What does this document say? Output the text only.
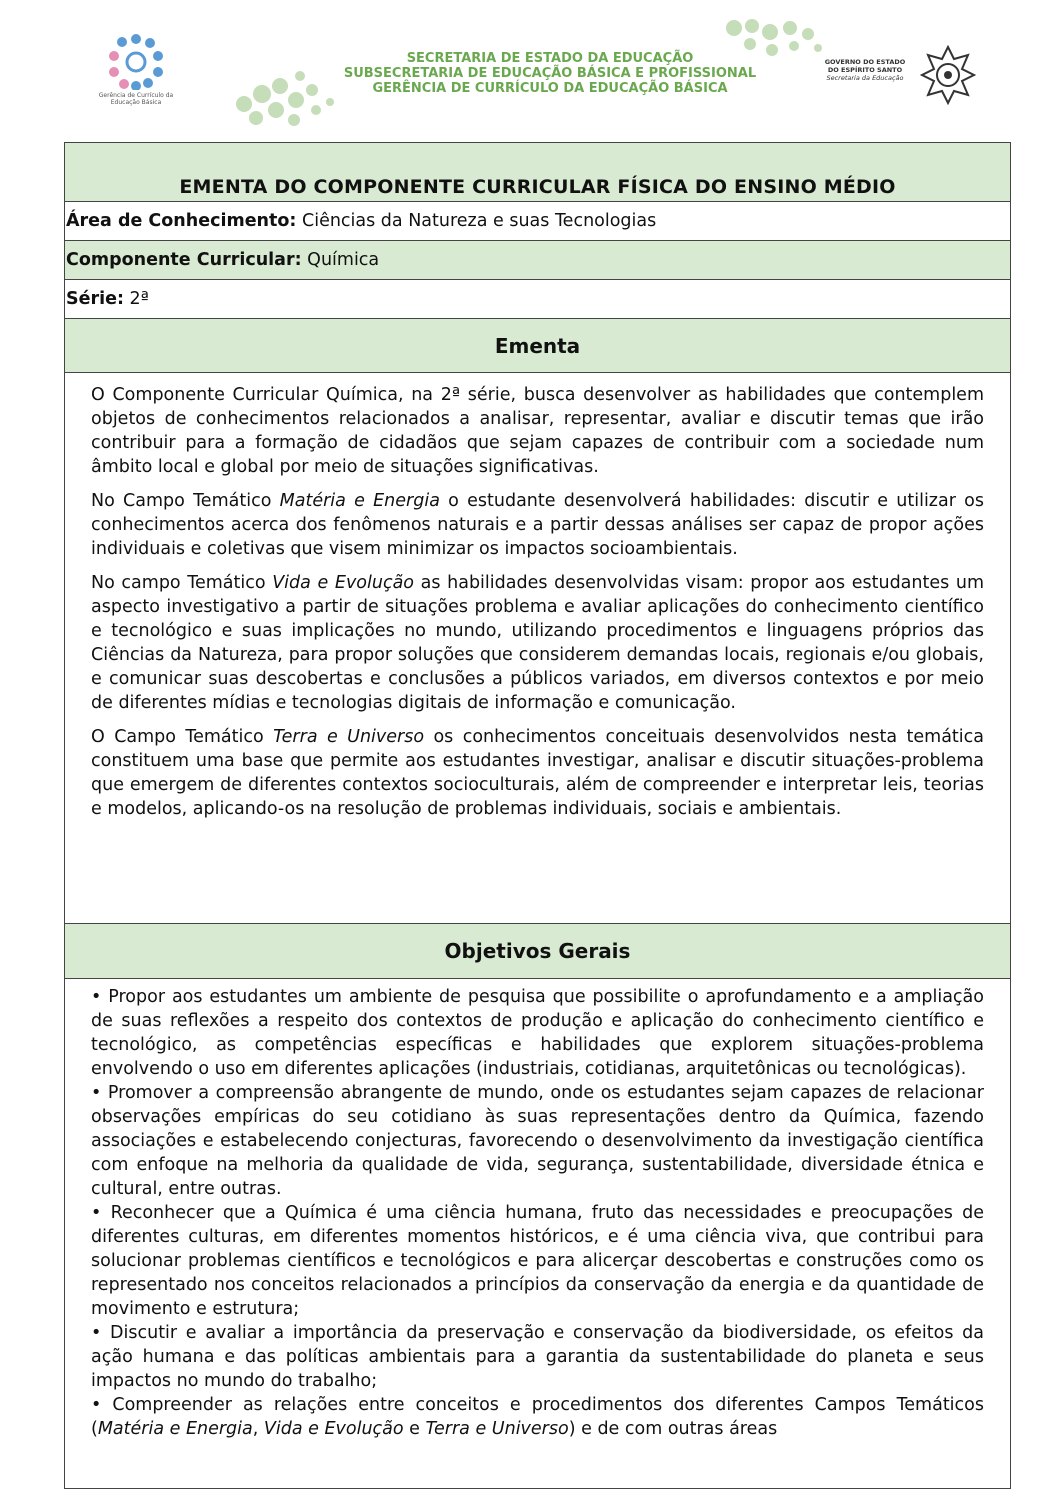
Gerência de Currículo da Educação Básica
SECRETARIA DE ESTADO DA EDUCAÇÃO
SUBSECRETARIA DE EDUCAÇÃO BÁSICA E PROFISSIONAL
GERÊNCIA DE CURRÍCULO DA EDUCAÇÃO BÁSICA
GOVERNO DO ESTADO
DO ESPÍRITO SANTO
Secretaria da Educação
EMENTA DO COMPONENTE CURRICULAR FÍSICA DO ENSINO MÉDIO
Área de Conhecimento: Ciências da Natureza e suas Tecnologias
Componente Curricular: Química
Série: 2ª
Ementa

O Componente Curricular Química, na 2ª série, busca desenvolver as habilidades que contemplem objetos de conhecimentos relacionados a analisar, representar, avaliar e discutir temas que irão contribuir para a formação de cidadãos que sejam capazes de contribuir com a sociedade num âmbito local e global por meio de situações significativas.

No Campo Temático Matéria e Energia o estudante desenvolverá habilidades: discutir e utilizar os conhecimentos acerca dos fenômenos naturais e a partir dessas análises ser capaz de propor ações individuais e coletivas que visem minimizar os impactos socioambientais.

No campo Temático Vida e Evolução as habilidades desenvolvidas visam: propor aos estudantes um aspecto investigativo a partir de situações problema e avaliar aplicações do conhecimento científico e tecnológico e suas implicações no mundo, utilizando procedimentos e linguagens próprios das Ciências da Natureza, para propor soluções que considerem demandas locais, regionais e/ou globais, e comunicar suas descobertas e conclusões a públicos variados, em diversos contextos e por meio de diferentes mídias e tecnologias digitais de informação e comunicação.

O Campo Temático Terra e Universo os conhecimentos conceituais desenvolvidos nesta temática constituem uma base que permite aos estudantes investigar, analisar e discutir situações-problema que emergem de diferentes contextos socioculturais, além de compreender e interpretar leis, teorias e modelos, aplicando-os na resolução de problemas individuais, sociais e ambientais.

Objetivos Gerais

• Propor aos estudantes um ambiente de pesquisa que possibilite o aprofundamento e a ampliação de suas reflexões a respeito dos contextos de produção e aplicação do conhecimento científico e tecnológico, as competências específicas e habilidades que explorem situações-problema envolvendo o uso em diferentes aplicações (industriais, cotidianas, arquitetônicas ou tecnológicas).

• Promover a compreensão abrangente de mundo, onde os estudantes sejam capazes de relacionar observações empíricas do seu cotidiano às suas representações dentro da Química, fazendo associações e estabelecendo conjecturas, favorecendo o desenvolvimento da investigação científica com enfoque na melhoria da qualidade de vida, segurança, sustentabilidade, diversidade étnica e cultural, entre outras.

• Reconhecer que a Química é uma ciência humana, fruto das necessidades e preocupações de diferentes culturas, em diferentes momentos históricos, e é uma ciência viva, que contribui para solucionar problemas científicos e tecnológicos e para alicerçar descobertas e construções como os representado nos conceitos relacionados a princípios da conservação da energia e da quantidade de movimento e estrutura;

• Discutir e avaliar a importância da preservação e conservação da biodiversidade, os efeitos da ação humana e das políticas ambientais para a garantia da sustentabilidade do planeta e seus impactos no mundo do trabalho;

• Compreender as relações entre conceitos e procedimentos dos diferentes Campos Temáticos (Matéria e Energia, Vida e Evolução e Terra e Universo) e de com outras áreas
